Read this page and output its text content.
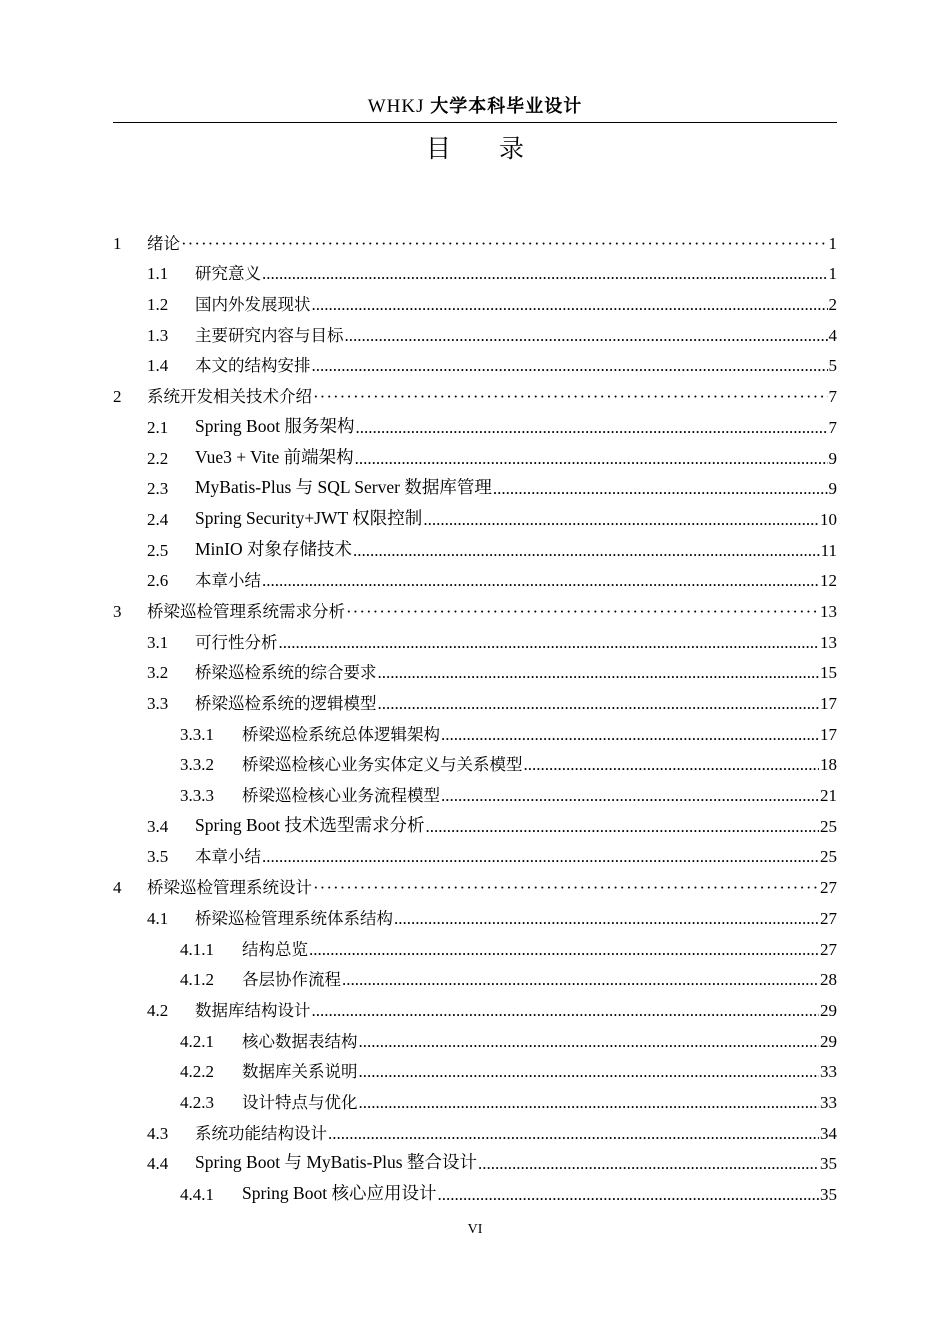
WHKJ 大学本科毕业设计
目 录
1	绪论 ·····	1
1.1	研究意义 .....	1
1.2	国内外发展现状 .....	2
1.3	主要研究内容与目标 .....	4
1.4	本文的结构安排 .....	5
2	系统开发相关技术介绍 ·····	7
2.1	Spring Boot 服务架构 .....	7
2.2	Vue3 + Vite 前端架构 .....	9
2.3	MyBatis-Plus 与 SQL Server 数据库管理 .....	9
2.4	Spring Security+JWT 权限控制 .....	10
2.5	MinIO 对象存储技术 .....	11
2.6	本章小结 .....	12
3	桥梁巡检管理系统需求分析 ·····	13
3.1	可行性分析 .....	13
3.2	桥梁巡检系统的综合要求 .....	15
3.3	桥梁巡检系统的逻辑模型 .....	17
3.3.1	桥梁巡检系统总体逻辑架构 .....	17
3.3.2	桥梁巡检核心业务实体定义与关系模型 .....	18
3.3.3	桥梁巡检核心业务流程模型 .....	21
3.4	Spring Boot 技术选型需求分析 .....	25
3.5	本章小结 .....	25
4	桥梁巡检管理系统设计 ·····	27
4.1	桥梁巡检管理系统体系结构 .....	27
4.1.1	结构总览 .....	27
4.1.2	各层协作流程 .....	28
4.2	数据库结构设计 .....	29
4.2.1	核心数据表结构 .....	29
4.2.2	数据库关系说明 .....	33
4.2.3	设计特点与优化 .....	33
4.3	系统功能结构设计 .....	34
4.4	Spring Boot 与 MyBatis-Plus 整合设计 .....	35
4.4.1	Spring Boot 核心应用设计 .....	35
VI
